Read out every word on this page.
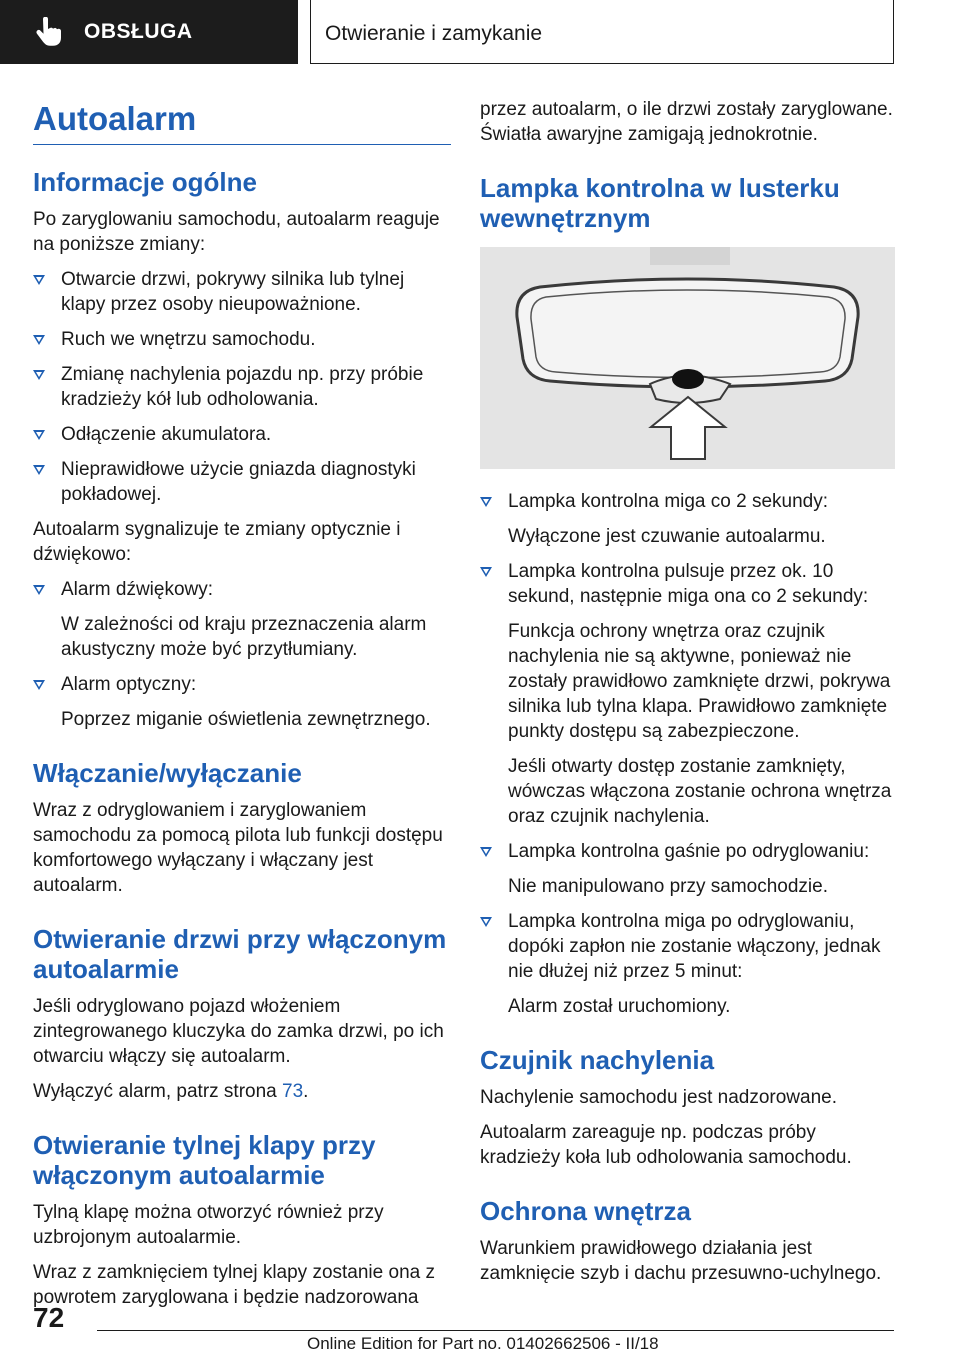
OBSŁUGA	Otwieranie i zamykanie
Autoalarm
Informacje ogólne

Po zaryglowaniu samochodu, autoalarm reaguje na poniższe zmiany:

Otwarcie drzwi, pokrywy silnika lub tylnej klapy przez osoby nieupoważnione.
Ruch we wnętrzu samochodu.
Zmianę nachylenia pojazdu np. przy próbie kradzieży kół lub odholowania.
Odłączenie akumulatora.
Nieprawidłowe użycie gniazda diagnostyki pokładowej.

Autoalarm sygnalizuje te zmiany optycznie i dźwiękowo:

Alarm dźwiękowy:
W zależności od kraju przeznaczenia alarm akustyczny może być przytłumiany.
Alarm optyczny:
Poprzez miganie oświetlenia zewnętrznego.
Włączanie/wyłączanie

Wraz z odryglowaniem i zaryglowaniem samochodu za pomocą pilota lub funkcji dostępu komfortowego wyłączany i włączany jest autoalarm.

Otwieranie drzwi przy włączonym autoalarmie

Jeśli odryglowano pojazd włożeniem zintegrowanego kluczyka do zamka drzwi, po ich otwarciu włączy się autoalarm.

Wyłączyć alarm, patrz strona 73.

Otwieranie tylnej klapy przy włączonym autoalarmie

Tylną klapę można otworzyć również przy uzbrojonym autoalarmie.

Wraz z zamknięciem tylnej klapy zostanie ona z powrotem zaryglowana i będzie nadzorowana

przez autoalarm, o ile drzwi zostały zaryglowane. Światła awaryjne zamigają jednokrotnie.

Lampka kontrolna w lusterku wewnętrznym
Lampka kontrolna miga co 2 sekundy:
Wyłączone jest czuwanie autoalarmu.
Lampka kontrolna pulsuje przez ok. 10 sekund, następnie miga ona co 2 sekundy:
Funkcja ochrony wnętrza oraz czujnik nachylenia nie są aktywne, ponieważ nie zostały prawidłowo zamknięte drzwi, pokrywa silnika lub tylna klapa. Prawidłowo zamknięte punkty dostępu są zabezpieczone.
Jeśli otwarty dostęp zostanie zamknięty, wówczas włączona zostanie ochrona wnętrza oraz czujnik nachylenia.
Lampka kontrolna gaśnie po odryglowaniu:
Nie manipulowano przy samochodzie.
Lampka kontrolna miga po odryglowaniu, dopóki zapłon nie zostanie włączony, jednak nie dłużej niż przez 5 minut:
Alarm został uruchomiony.
Czujnik nachylenia

Nachylenie samochodu jest nadzorowane.

Autoalarm zareaguje np. podczas próby kradzieży koła lub odholowania samochodu.

Ochrona wnętrza

Warunkiem prawidłowego działania jest zamknięcie szyb i dachu przesuwno-uchylnego.

72
Online Edition for Part no. 01402662506 - II/18
